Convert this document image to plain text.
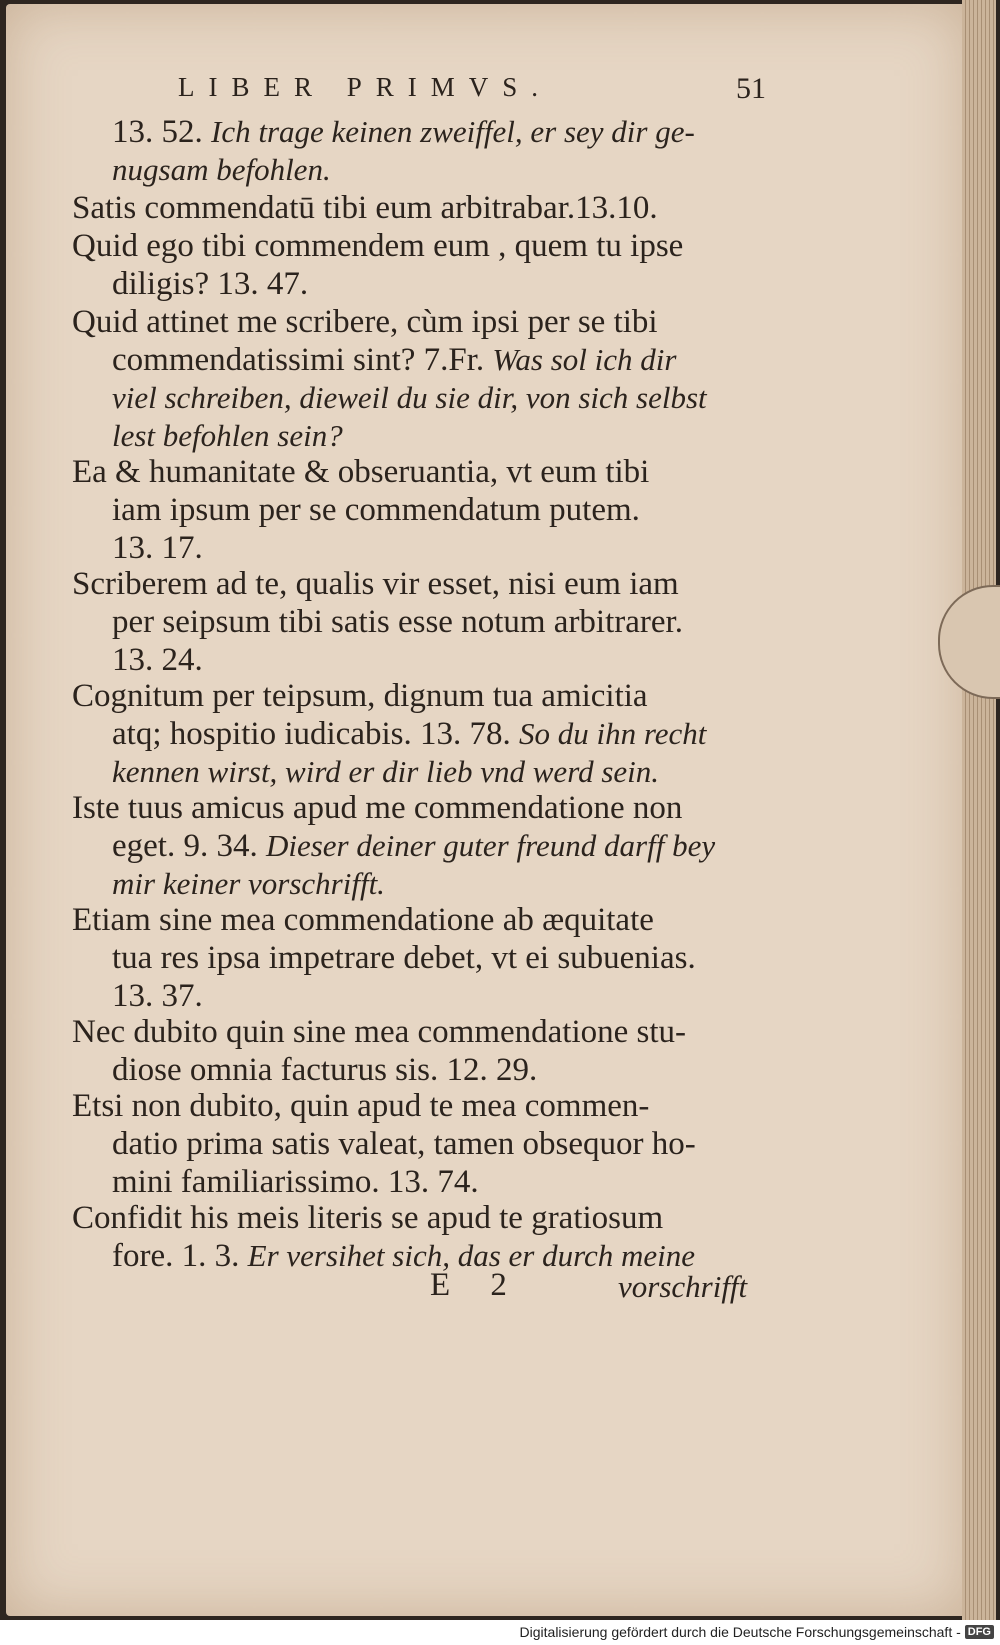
LIBER PRIMVS.	51
13. 52. Ich trage keinen zweiffel, er sey dir ge-
nugsam befohlen.
Satis commendatū tibi eum arbitrabar.13.10.
Quid ego tibi commendem eum , quem tu ipse
diligis? 13. 47.
Quid attinet me scribere, cùm ipsi per se tibi
commendatissimi sint? 7.Fr. Was sol ich dir
viel schreiben, dieweil du sie dir, von sich selbst
lest befohlen sein?
Ea & humanitate & obseruantia, vt eum tibi
iam ipsum per se commendatum putem.
13. 17.
Scriberem ad te, qualis vir esset, nisi eum iam
per seipsum tibi satis esse notum arbitrarer.
13. 24.
Cognitum per teipsum, dignum tua amicitia
atq; hospitio iudicabis. 13. 78. So du ihn recht
kennen wirst, wird er dir lieb vnd werd sein.
Iste tuus amicus apud me commendatione non
eget. 9. 34. Dieser deiner guter freund darff bey
mir keiner vorschrifft.
Etiam sine mea commendatione ab æquitate
tua res ipsa impetrare debet, vt ei subuenias.
13. 37.
Nec dubito quin sine mea commendatione stu-
diose omnia facturus sis. 12. 29.
Etsi non dubito, quin apud te mea commen-
datio prima satis valeat, tamen obsequor ho-
mini familiarissimo. 13. 74.
Confidit his meis literis se apud te gratiosum
fore. 1. 3. Er versihet sich, das er durch meine
E 2	vorschrifft
Digitalisierung gefördert durch die Deutsche Forschungsgemeinschaft - DFG
